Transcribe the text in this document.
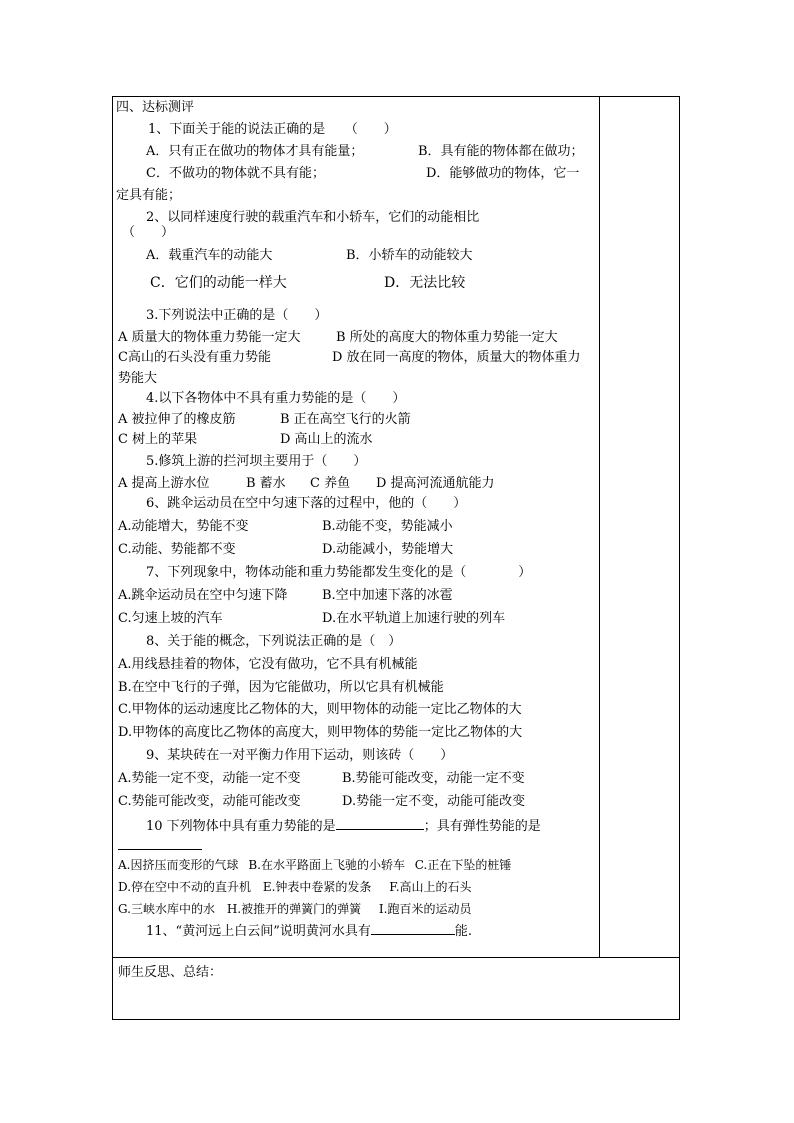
四、达标测评
1、下面关于能的说法正确的是　　（　　）
A．只有正在做功的物体才具有能量；	B．具有能的物体都在做功；
C．不做功的物体就不具有能；	D．能够做功的物体，它一
定具有能；
2、以同样速度行驶的载重汽车和小轿车，它们的动能相比
（　　）
A．载重汽车的动能大	B．小轿车的动能较大
C．它们的动能一样大	D．无法比较
3.下列说法中正确的是（　　）
A 质量大的物体重力势能一定大	B 所处的高度大的物体重力势能一定大
C高山的石头没有重力势能	D 放在同一高度的物体，质量大的物体重力
势能大
4.以下各物体中不具有重力势能的是（　　）
A 被拉伸了的橡皮筋	B 正在高空飞行的火箭
C 树上的苹果	D 高山上的流水
5.修筑上游的拦河坝主要用于（　　）
A 提高上游水位	B 蓄水 C 养鱼 D 提高河流通航能力
6、跳伞运动员在空中匀速下落的过程中，他的（　　）
A.动能增大，势能不变	B.动能不变，势能减小
C.动能、势能都不变	D.动能减小，势能增大
7、下列现象中，物体动能和重力势能都发生变化的是（　　　　）
A.跳伞运动员在空中匀速下降	B.空中加速下落的冰雹
C.匀速上坡的汽车	D.在水平轨道上加速行驶的列车
8、关于能的概念，下列说法正确的是（　）
A.用线悬挂着的物体，它没有做功，它不具有机械能
B.在空中飞行的子弹，因为它能做功，所以它具有机械能
C.甲物体的运动速度比乙物体的大，则甲物体的动能一定比乙物体的大
D.甲物体的高度比乙物体的高度大，则甲物体的势能一定比乙物体的大
9、某块砖在一对平衡力作用下运动，则该砖（　　）
A.势能一定不变，动能一定不变	B.势能可能改变，动能一定不变
C.势能可能改变，动能可能改变	D.势能一定不变，动能可能改变
10 下列物体中具有重力势能的是	；具有弹性势能的是
A.因挤压而变形的气球 B.在水平路面上飞驰的小轿车 C.正在下坠的桩锤
D.停在空中不动的直升机 E.钟表中卷紧的发条 F.高山上的石头
G.三峡水库中的水 H.被推开的弹簧门的弹簧 I.跑百米的运动员
11、“黄河远上白云间”说明黄河水具有	能.
师生反思、总结：
